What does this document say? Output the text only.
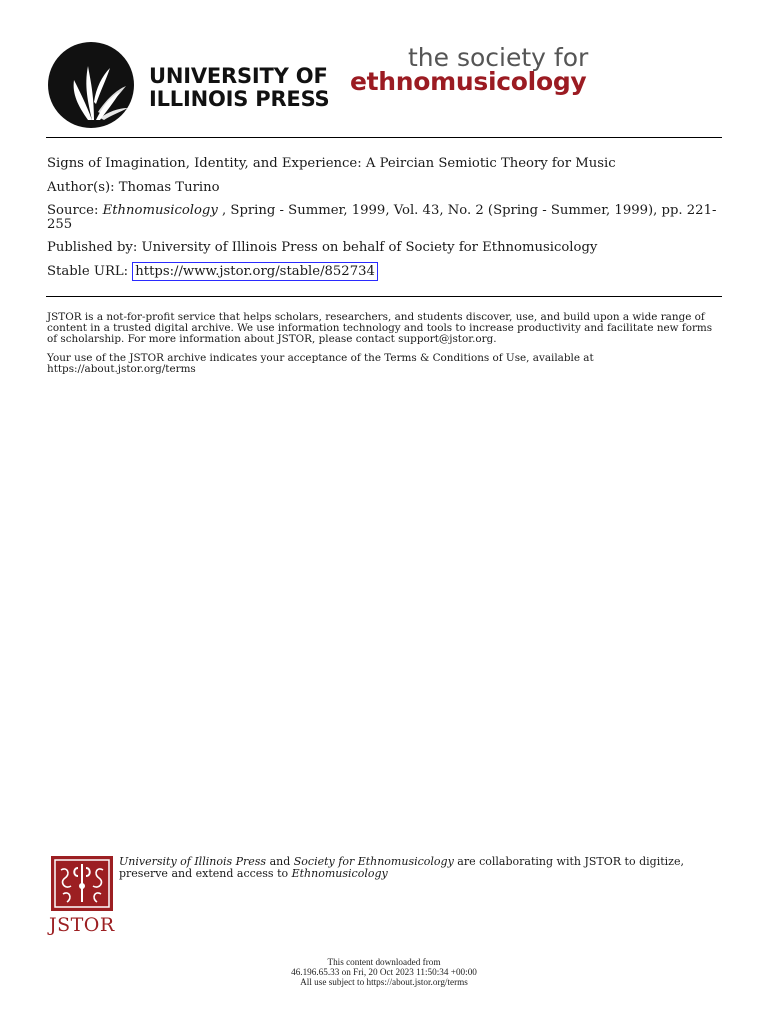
UNIVERSITY OF
ILLINOIS PRESS
the society for
ethnomusicology
Signs of Imagination, Identity, and Experience: A Peircian Semiotic Theory for Music
Author(s): Thomas Turino
Source: Ethnomusicology , Spring - Summer, 1999, Vol. 43, No. 2 (Spring - Summer, 1999), pp. 221-255
Published by: University of Illinois Press on behalf of Society for Ethnomusicology
Stable URL: https://www.jstor.org/stable/852734
JSTOR is a not-for-profit service that helps scholars, researchers, and students discover, use, and build upon a wide range of content in a trusted digital archive. We use information technology and tools to increase productivity and facilitate new forms of scholarship. For more information about JSTOR, please contact support@jstor.org.
Your use of the JSTOR archive indicates your acceptance of the Terms & Conditions of Use, available at https://about.jstor.org/terms
JSTOR
University of Illinois Press and Society for Ethnomusicology are collaborating with JSTOR to digitize, preserve and extend access to Ethnomusicology
This content downloaded from
46.196.65.33 on Fri, 20 Oct 2023 11:50:34 +00:00
All use subject to https://about.jstor.org/terms
